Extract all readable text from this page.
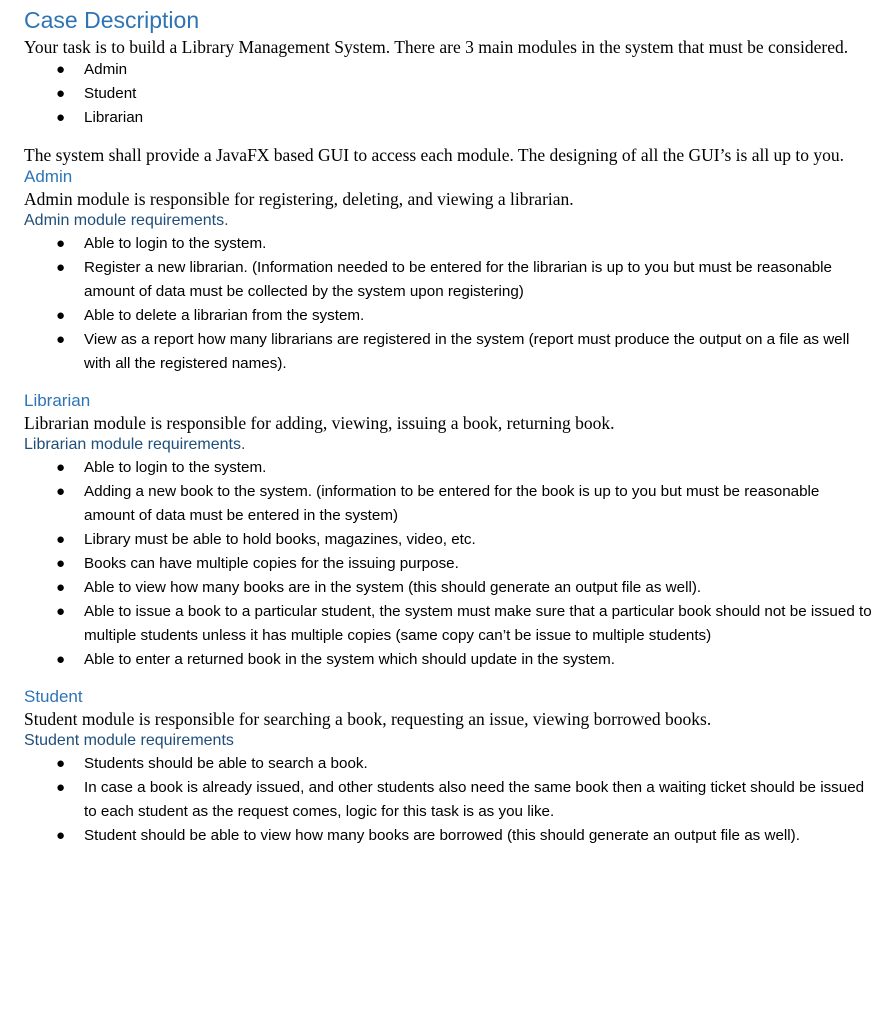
Case Description

Your task is to build a Library Management System. There are 3 main modules in the system that must be considered.

● Admin
● Student
● Librarian

The system shall provide a JavaFX based GUI to access each module. The designing of all the GUI’s is all up to you.

Admin

Admin module is responsible for registering, deleting, and viewing a librarian.

Admin module requirements.
● Able to login to the system.
● Register a new librarian. (Information needed to be entered for the librarian is up to you but must be reasonable amount of data must be collected by the system upon registering)
● Able to delete a librarian from the system.
● View as a report how many librarians are registered in the system (report must produce the output on a file as well with all the registered names).
Librarian

Librarian module is responsible for adding, viewing, issuing a book, returning book.

Librarian module requirements.
● Able to login to the system.
● Adding a new book to the system. (information to be entered for the book is up to you but must be reasonable amount of data must be entered in the system)
● Library must be able to hold books, magazines, video, etc.
● Books can have multiple copies for the issuing purpose.
● Able to view how many books are in the system (this should generate an output file as well).
● Able to issue a book to a particular student, the system must make sure that a particular book should not be issued to multiple students unless it has multiple copies (same copy can’t be issue to multiple students)
● Able to enter a returned book in the system which should update in the system.
Student

Student module is responsible for searching a book, requesting an issue, viewing borrowed books.

Student module requirements
● Students should be able to search a book.
● In case a book is already issued, and other students also need the same book then a waiting ticket should be issued to each student as the request comes, logic for this task is as you like.
● Student should be able to view how many books are borrowed (this should generate an output file as well).
